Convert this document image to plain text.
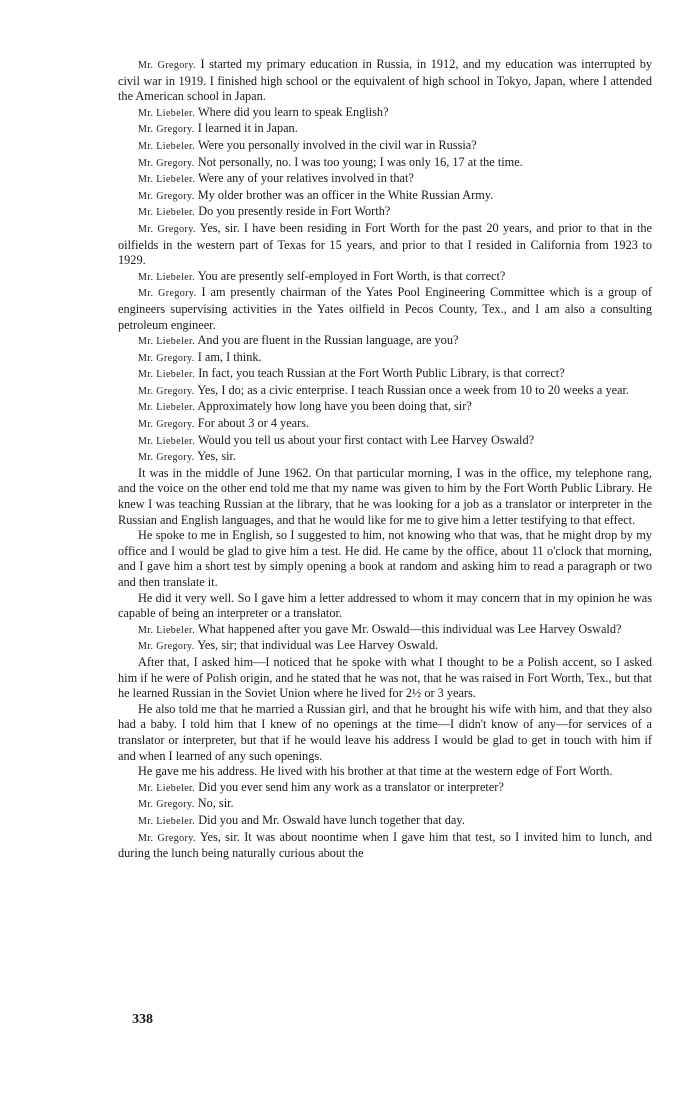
Mr. Gregory. I started my primary education in Russia, in 1912, and my education was interrupted by civil war in 1919. I finished high school or the equivalent of high school in Tokyo, Japan, where I attended the American school in Japan.

Mr. Liebeler. Where did you learn to speak English?

Mr. Gregory. I learned it in Japan.

Mr. Liebeler. Were you personally involved in the civil war in Russia?

Mr. Gregory. Not personally, no. I was too young; I was only 16, 17 at the time.

Mr. Liebeler. Were any of your relatives involved in that?

Mr. Gregory. My older brother was an officer in the White Russian Army.

Mr. Liebeler. Do you presently reside in Fort Worth?

Mr. Gregory. Yes, sir. I have been residing in Fort Worth for the past 20 years, and prior to that in the oilfields in the western part of Texas for 15 years, and prior to that I resided in California from 1923 to 1929.

Mr. Liebeler. You are presently self-employed in Fort Worth, is that correct?

Mr. Gregory. I am presently chairman of the Yates Pool Engineering Committee which is a group of engineers supervising activities in the Yates oilfield in Pecos County, Tex., and I am also a consulting petroleum engineer.

Mr. Liebeler. And you are fluent in the Russian language, are you?

Mr. Gregory. I am, I think.

Mr. Liebeler. In fact, you teach Russian at the Fort Worth Public Library, is that correct?

Mr. Gregory. Yes, I do; as a civic enterprise. I teach Russian once a week from 10 to 20 weeks a year.

Mr. Liebeler. Approximately how long have you been doing that, sir?

Mr. Gregory. For about 3 or 4 years.

Mr. Liebeler. Would you tell us about your first contact with Lee Harvey Oswald?

Mr. Gregory. Yes, sir.

It was in the middle of June 1962. On that particular morning, I was in the office, my telephone rang, and the voice on the other end told me that my name was given to him by the Fort Worth Public Library. He knew I was teaching Russian at the library, that he was looking for a job as a translator or interpreter in the Russian and English languages, and that he would like for me to give him a letter testifying to that effect.

He spoke to me in English, so I suggested to him, not knowing who that was, that he might drop by my office and I would be glad to give him a test. He did. He came by the office, about 11 o'clock that morning, and I gave him a short test by simply opening a book at random and asking him to read a paragraph or two and then translate it.

He did it very well. So I gave him a letter addressed to whom it may concern that in my opinion he was capable of being an interpreter or a translator.

Mr. Liebeler. What happened after you gave Mr. Oswald—this individual was Lee Harvey Oswald?

Mr. Gregory. Yes, sir; that individual was Lee Harvey Oswald.

After that, I asked him—I noticed that he spoke with what I thought to be a Polish accent, so I asked him if he were of Polish origin, and he stated that he was not, that he was raised in Fort Worth, Tex., but that he learned Russian in the Soviet Union where he lived for 2½ or 3 years.

He also told me that he married a Russian girl, and that he brought his wife with him, and that they also had a baby. I told him that I knew of no openings at the time—I didn't know of any—for services of a translator or interpreter, but that if he would leave his address I would be glad to get in touch with him if and when I learned of any such openings.

He gave me his address. He lived with his brother at that time at the western edge of Fort Worth.

Mr. Liebeler. Did you ever send him any work as a translator or interpreter?

Mr. Gregory. No, sir.

Mr. Liebeler. Did you and Mr. Oswald have lunch together that day.

Mr. Gregory. Yes, sir. It was about noontime when I gave him that test, so I invited him to lunch, and during the lunch being naturally curious about the

338
